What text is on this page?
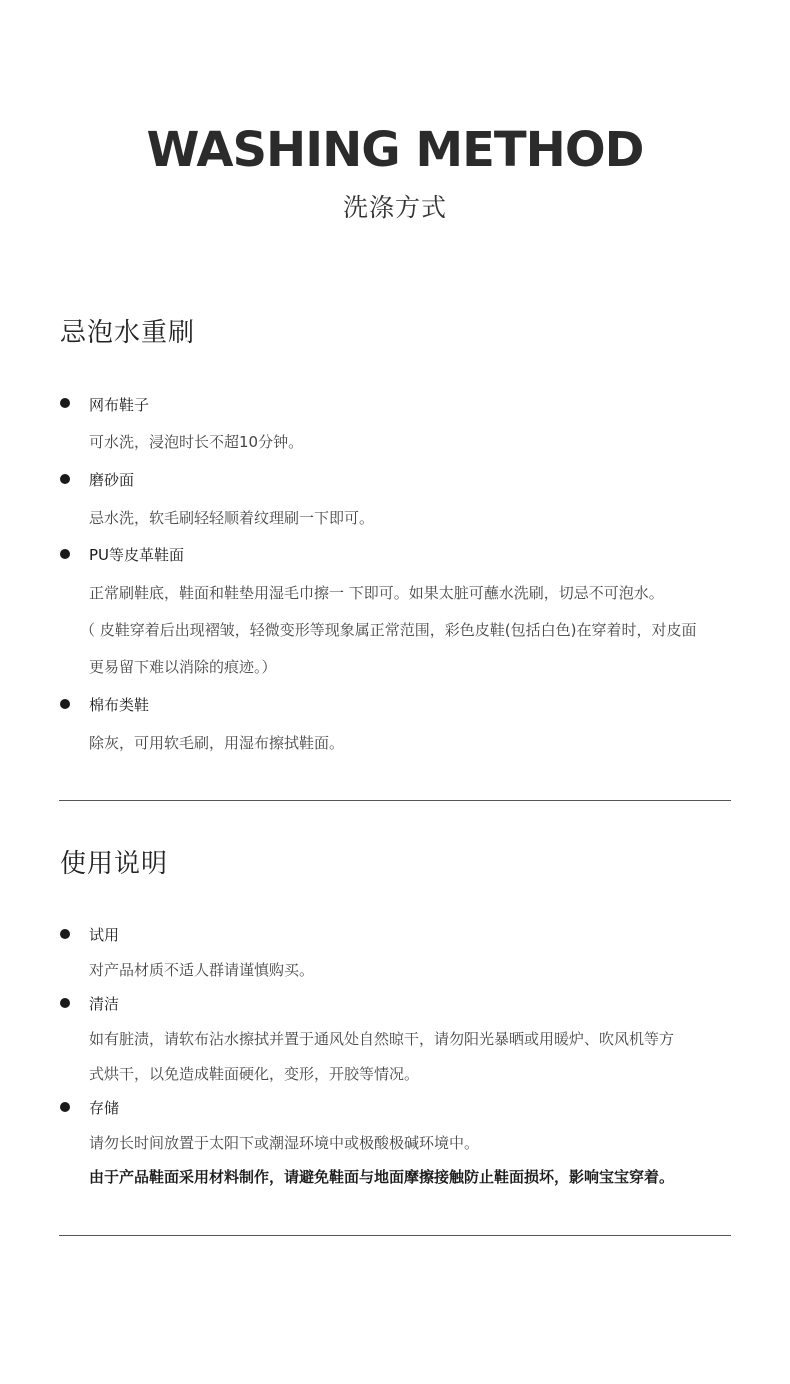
WASHING METHOD
洗涤方式
忌泡水重刷
网布鞋子
可水洗，浸泡时长不超10分钟。
磨砂面
忌水洗，软毛刷轻轻顺着纹理刷一下即可。
PU等皮革鞋面
正常刷鞋底，鞋面和鞋垫用湿毛巾擦一 下即可。如果太脏可蘸水洗刷，切忌不可泡水。
（ 皮鞋穿着后出现褶皱，轻微变形等现象属正常范围，彩色皮鞋(包括白色)在穿着时，对皮面
更易留下难以消除的痕迹。）
棉布类鞋
除灰，可用软毛刷，用湿布擦拭鞋面。
使用说明
试用
对产品材质不适人群请谨慎购买。
清洁
如有脏渍，请软布沾水擦拭并置于通风处自然晾干，请勿阳光暴晒或用暖炉、吹风机等方
式烘干，以免造成鞋面硬化，变形，开胶等情况。
存储
请勿长时间放置于太阳下或潮湿环境中或极酸极碱环境中。
由于产品鞋面采用材料制作，请避免鞋面与地面摩擦接触防止鞋面损坏，影响宝宝穿着。
